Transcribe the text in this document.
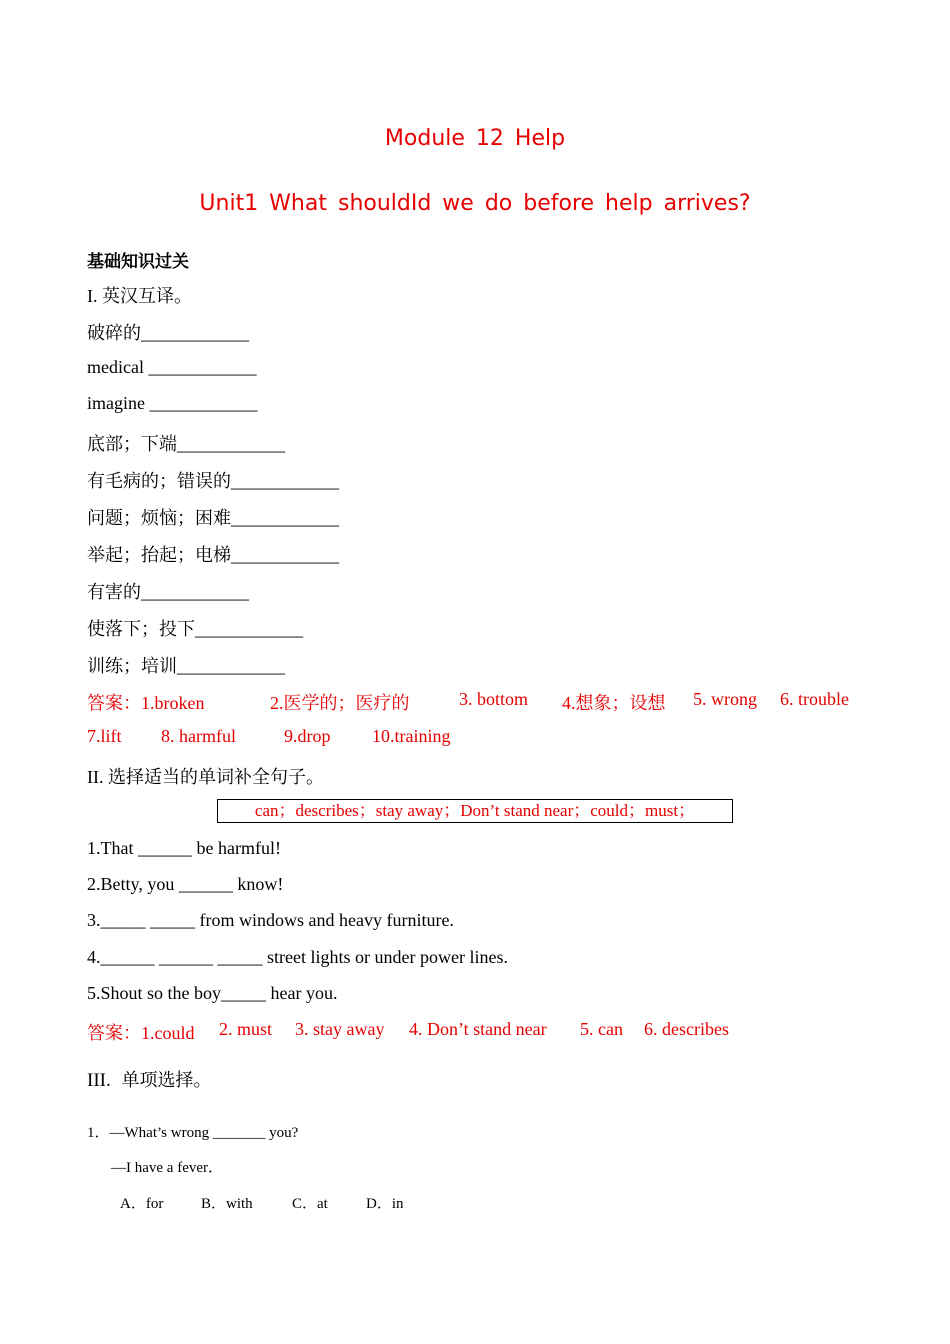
Module 12 Help
Unit1 What shouldId we do before help arrives?
基础知识过关
I. 英汉互译。
破碎的____________
medical ____________
imagine ____________
底部；下端____________
有毛病的；错误的____________
问题；烦恼；困难____________
举起；抬起；电梯____________
有害的____________
使落下；投下____________
训练；培训____________
答案：1.broken	2.医学的；医疗的	3. bottom 4.想象；设想 5. wrong 6. trouble
7.lift 8. harmful	9.drop 10.training
II. 选择适当的单词补全句子。
can；describes；stay away；Don’t stand near；could；must；
1.That ______ be harmful!
2.Betty, you ______ know!
3._____ _____ from windows and heavy furniture.
4.______ ______ _____ street lights or under power lines.
5.Shout so the boy_____ hear you.
答案：1.could 2. must 3. stay away 4. Don’t stand near 5. can 6. describes
III. 单项选择。
1．—What’s wrong _______ you?
—I have a fever．
A．for	B．with	C．at	D．in
